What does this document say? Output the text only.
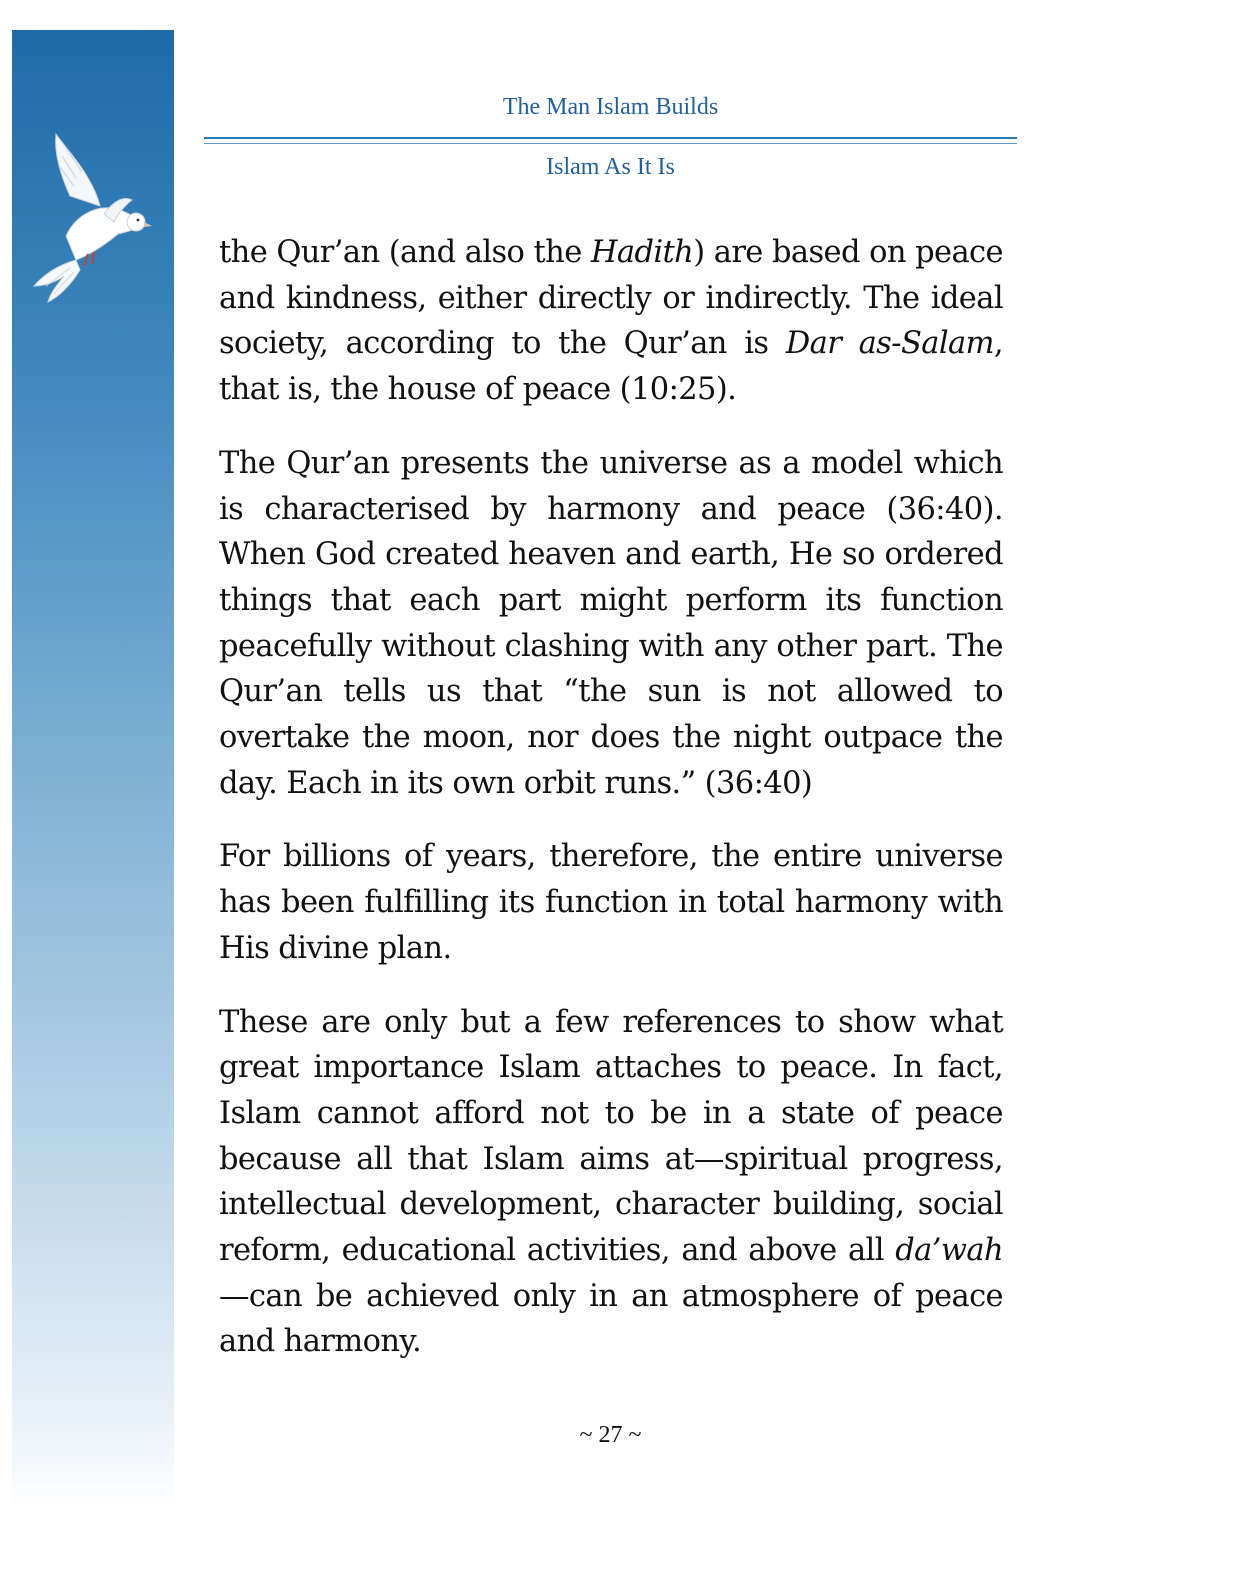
The Man Islam Builds

Islam As It Is

the Qur’an (and also the Hadith) are based on peace and kindness, either directly or indirectly. The ideal society, according to the Qur’an is Dar as-Salam, that is, the house of peace (10:25).

The Qur’an presents the universe as a model which is characterised by harmony and peace (36:40). When God created heaven and earth, He so ordered things that each part might perform its function peacefully without clashing with any other part. The Qur’an tells us that “the sun is not allowed to overtake the moon, nor does the night outpace the day. Each in its own orbit runs.” (36:40)

For billions of years, therefore, the entire universe has been fulfilling its function in total harmony with His divine plan.

These are only but a few references to show what great importance Islam attaches to peace. In fact, Islam cannot afford not to be in a state of peace because all that Islam aims at—spiritual progress, intellectual development, character building, social reform, educational activities, and above all da’wah—can be achieved only in an atmosphere of peace and harmony.

~ 27 ~
